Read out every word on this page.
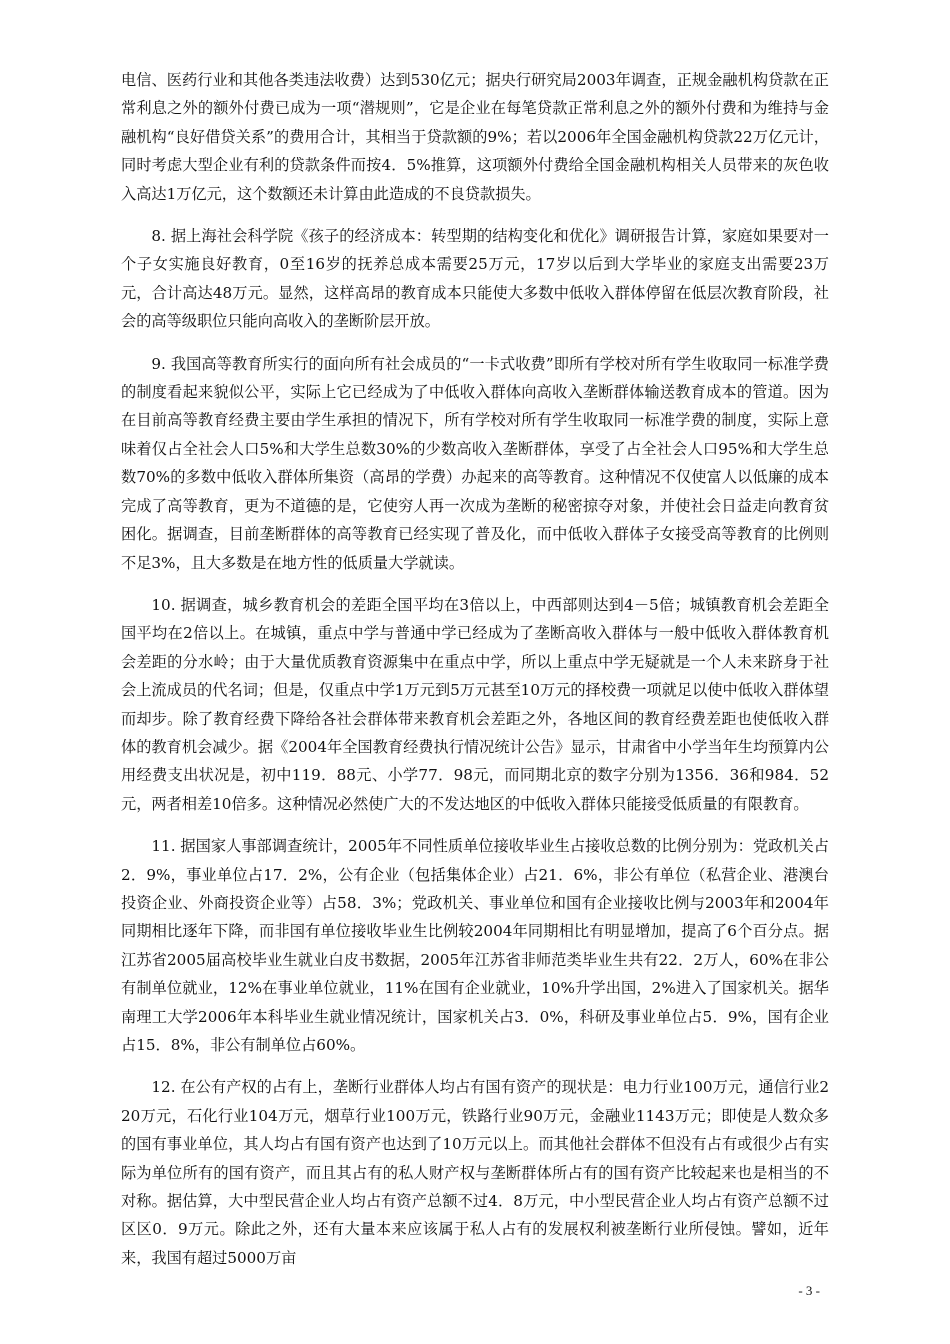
电信、医药行业和其他各类违法收费）达到530亿元；据央行研究局2003年调查，正规金融机构贷款在正常利息之外的额外付费已成为一项“潜规则”，它是企业在每笔贷款正常利息之外的额外付费和为维持与金融机构“良好借贷关系”的费用合计，其相当于贷款额的9%；若以2006年全国金融机构贷款22万亿元计，同时考虑大型企业有利的贷款条件而按4．5%推算，这项额外付费给全国金融机构相关人员带来的灰色收入高达1万亿元，这个数额还未计算由此造成的不良贷款损失。

8. 据上海社会科学院《孩子的经济成本：转型期的结构变化和优化》调研报告计算，家庭如果要对一个子女实施良好教育，0至16岁的抚养总成本需要25万元，17岁以后到大学毕业的家庭支出需要23万元，合计高达48万元。显然，这样高昂的教育成本只能使大多数中低收入群体停留在低层次教育阶段，社会的高等级职位只能向高收入的垄断阶层开放。

9. 我国高等教育所实行的面向所有社会成员的“一卡式收费”即所有学校对所有学生收取同一标准学费的制度看起来貌似公平，实际上它已经成为了中低收入群体向高收入垄断群体输送教育成本的管道。因为在目前高等教育经费主要由学生承担的情况下，所有学校对所有学生收取同一标准学费的制度，实际上意味着仅占全社会人口5%和大学生总数30%的少数高收入垄断群体，享受了占全社会人口95%和大学生总数70%的多数中低收入群体所集资（高昂的学费）办起来的高等教育。这种情况不仅使富人以低廉的成本完成了高等教育，更为不道德的是，它使穷人再一次成为垄断的秘密掠夺对象，并使社会日益走向教育贫困化。据调查，目前垄断群体的高等教育已经实现了普及化，而中低收入群体子女接受高等教育的比例则不足3%，且大多数是在地方性的低质量大学就读。

10. 据调查，城乡教育机会的差距全国平均在3倍以上，中西部则达到4－5倍；城镇教育机会差距全国平均在2倍以上。在城镇，重点中学与普通中学已经成为了垄断高收入群体与一般中低收入群体教育机会差距的分水岭；由于大量优质教育资源集中在重点中学，所以上重点中学无疑就是一个人未来跻身于社会上流成员的代名词；但是，仅重点中学1万元到5万元甚至10万元的择校费一项就足以使中低收入群体望而却步。除了教育经费下降给各社会群体带来教育机会差距之外，各地区间的教育经费差距也使低收入群体的教育机会减少。据《2004年全国教育经费执行情况统计公告》显示，甘肃省中小学当年生均预算内公用经费支出状况是，初中119．88元、小学77．98元，而同期北京的数字分别为1356．36和984．52元，两者相差10倍多。这种情况必然使广大的不发达地区的中低收入群体只能接受低质量的有限教育。

11. 据国家人事部调查统计，2005年不同性质单位接收毕业生占接收总数的比例分别为：党政机关占2．9%，事业单位占17．2%，公有企业（包括集体企业）占21．6%，非公有单位（私营企业、港澳台投资企业、外商投资企业等）占58．3%；党政机关、事业单位和国有企业接收比例与2003年和2004年同期相比逐年下降，而非国有单位接收毕业生比例较2004年同期相比有明显增加，提高了6个百分点。据江苏省2005届高校毕业生就业白皮书数据，2005年江苏省非师范类毕业生共有22．2万人，60%在非公有制单位就业，12%在事业单位就业，11%在国有企业就业，10%升学出国，2%进入了国家机关。据华南理工大学2006年本科毕业生就业情况统计，国家机关占3．0%，科研及事业单位占5．9%，国有企业占15．8%，非公有制单位占60%。

12. 在公有产权的占有上，垄断行业群体人均占有国有资产的现状是：电力行业100万元，通信行业220万元，石化行业104万元，烟草行业100万元，铁路行业90万元，金融业1143万元；即使是人数众多的国有事业单位，其人均占有国有资产也达到了10万元以上。而其他社会群体不但没有占有或很少占有实际为单位所有的国有资产，而且其占有的私人财产权与垄断群体所占有的国有资产比较起来也是相当的不对称。据估算，大中型民营企业人均占有资产总额不过4．8万元，中小型民营企业人均占有资产总额不过区区0．9万元。除此之外，还有大量本来应该属于私人占有的发展权利被垄断行业所侵蚀。譬如，近年来，我国有超过5000万亩

- 3 -
